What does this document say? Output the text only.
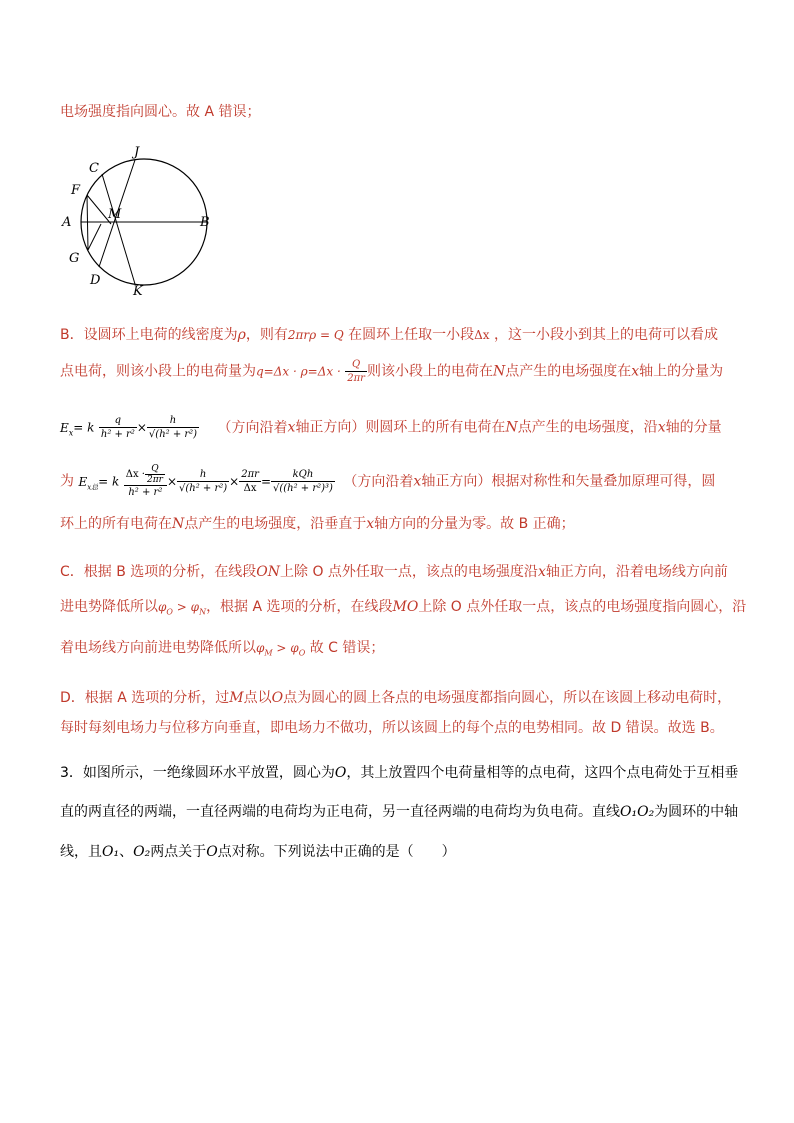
电场强度指向圆心。故 A 错误；
J
C
F
M
A	B
G
D
K
B．设圆环上电荷的线密度为ρ，则有2πrρ = Q 在圆环上任取一小段Δx ，这一小段小到其上的电荷可以看成
点电荷，则该小段上的电荷量为$q=\Delta x \cdot \rho=\Delta x \cdot \frac{Q}{2\pi r}$ 则该小段上的电荷在N点产生的电场强度在x轴上的分量为
$E_x= k \frac{q}{\text{h² + r²}} \times \frac{h}{\text{√(h² + r²)}}$ （方向沿着x轴正方向）则圆环上的所有电荷在N点产生的电场强度，沿x轴的分量
为 $E_{x总}= k \frac{\Delta x \cdot \frac{Q}{2\pi r}}{\text{h² + r²}} \times \frac{h}{\text{√(h² + r²)}} \times \frac{2\pi r}{\Delta x} = \frac{\text{kQh}}{\text{√((h² + r²)³)}}$ （方向沿着x轴正方向）根据对称性和矢量叠加原理可得，圆
环上的所有电荷在N点产生的电场强度，沿垂直于x轴方向的分量为零。故 B 正确；
C．根据 B 选项的分析，在线段ON上除 O 点外任取一点，该点的电场强度沿x轴正方向，沿着电场线方向前
进电势降低所以$\varphi_O > \varphi_N$，根据 A 选项的分析，在线段MO上除 O 点外任取一点，该点的电场强度指向圆心，沿
着电场线方向前进电势降低所以$\varphi_M > \varphi_O$ 故 C 错误；
D．根据 A 选项的分析，过M点以O点为圆心的圆上各点的电场强度都指向圆心，所以在该圆上移动电荷时，
每时每刻电场力与位移方向垂直，即电场力不做功，所以该圆上的每个点的电势相同。故 D 错误。故选 B。
3．如图所示，一绝缘圆环水平放置，圆心为O，其上放置四个电荷量相等的点电荷，这四个点电荷处于互相垂
直的两直径的两端，一直径两端的电荷均为正电荷，另一直径两端的电荷均为负电荷。直线O₁O₂为圆环的中轴
线，且O₁、O₂两点关于O点对称。下列说法中正确的是（　　）
